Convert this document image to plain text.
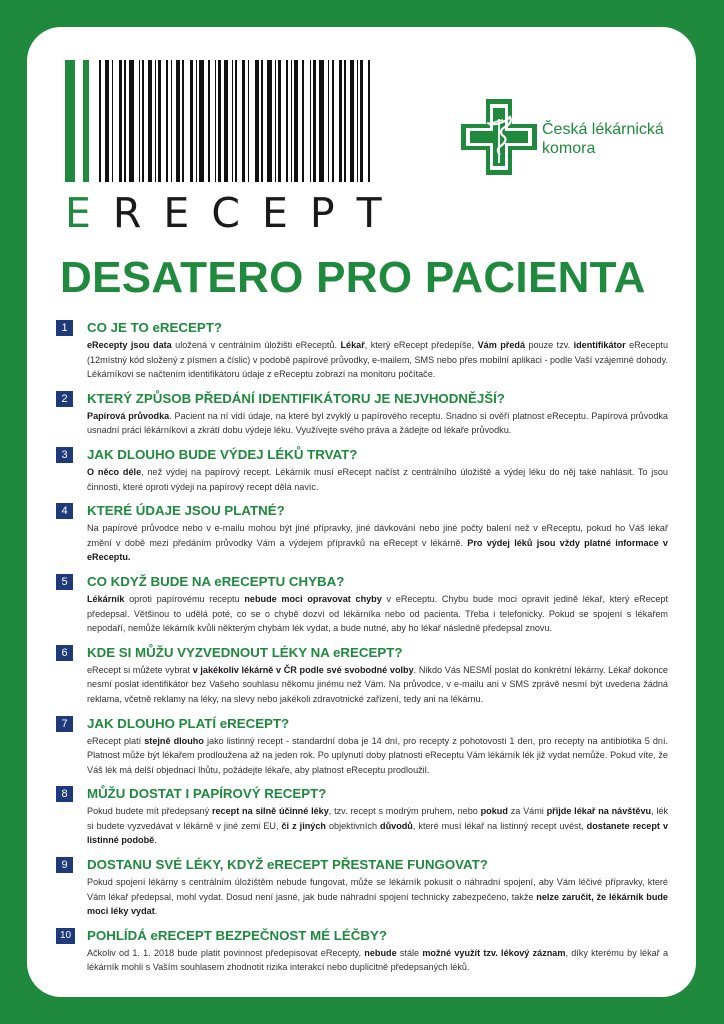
ERECEPT
Česká lékárnická
komora
DESATERO PRO PACIENTA
1	CO JE TO eRECEPT?

eRecepty jsou data uložená v centrálním úložišti eReceptů. Lékař, který eRecept předepíše, Vám předá pouze tzv. identifikátor eReceptu (12místný kód složený z písmen a číslic) v podobě papírové průvodky, e-mailem, SMS nebo přes mobilní aplikaci - podle Vaší vzájemné dohody. Lékárníkovi se načtením identifikátoru údaje z eReceptu zobrazí na monitoru počítače.

2	KTERÝ ZPŮSOB PŘEDÁNÍ IDENTIFIKÁTORU JE NEJVHODNĚJŠÍ?

Papírová průvodka. Pacient na ní vidí údaje, na které byl zvyklý u papírového receptu. Snadno si ověří platnost eReceptu. Papírová průvodka usnadní práci lékárníkovi a zkrátí dobu výdeje léku. Využívejte svého práva a žádejte od lékaře průvodku.

3	JAK DLOUHO BUDE VÝDEJ LÉKŮ TRVAT?

O něco déle, než výdej na papírový recept. Lékárník musí eRecept načíst z centrálního úložiště a výdej léku do něj také nahlásit. To jsou činnosti, které oproti výdeji na papírový recept dělá navíc.

4	KTERÉ ÚDAJE JSOU PLATNÉ?

Na papírové průvodce nebo v e-mailu mohou být jiné přípravky, jiné dávkování nebo jiné počty balení než v eReceptu, pokud ho Váš lékař změní v době mezi předáním průvodky Vám a výdejem přípravků na eRecept v lékárně. Pro výdej léků jsou vždy platné informace v eReceptu.

5	CO KDYŽ BUDE NA eRECEPTU CHYBA?

Lékárník oproti papírovému receptu nebude moci opravovat chyby v eReceptu. Chybu bude moci opravit jedině lékař, který eRecept předepsal. Většinou to udělá poté, co se o chybě dozví od lékárníka nebo od pacienta. Třeba i telefonicky. Pokud se spojení s lékařem nepodaří, nemůže lékárník kvůli některým chybám lék vydat, a bude nutné, aby ho lékař následně předepsal znovu.

6	KDE SI MŮŽU VYZVEDNOUT LÉKY NA eRECEPT?

eRecept si můžete vybrat v jakékoliv lékárně v ČR podle své svobodné volby. Nikdo Vás NESMÍ poslat do konkrétní lékárny. Lékař dokonce nesmí poslat identifikátor bez Vašeho souhlasu někomu jinému než Vám. Na průvodce, v e-mailu ani v SMS zprávě nesmí být uvedena žádná reklama, včetně reklamy na léky, na slevy nebo jakékoli zdravotnické zařízení, tedy ani na lékárnu.

7	JAK DLOUHO PLATÍ eRECEPT?

eRecept platí stejně dlouho jako listinný recept - standardní doba je 14 dní, pro recepty z pohotovosti 1 den, pro recepty na antibiotika 5 dní. Platnost může být lékařem prodloužena až na jeden rok. Po uplynutí doby platnosti eReceptu Vám lékárník lék již vydat nemůže. Pokud víte, že Váš lék má delší objednací lhůtu, požádejte lékaře, aby platnost eReceptu prodloužil.

8	MŮŽU DOSTAT I PAPÍROVÝ RECEPT?

Pokud budete mít předepsaný recept na silně účinné léky, tzv. recept s modrým pruhem, nebo pokud za Vámi přijde lékař na návštěvu, lék si budete vyzvedávat v lékárně v jiné zemi EU, či z jiných objektivních důvodů, které musí lékař na listinný recept uvést, dostanete recept v listinné podobě.

9	DOSTANU SVÉ LÉKY, KDYŽ eRECEPT PŘESTANE FUNGOVAT?

Pokud spojení lékárny s centrálním úložištěm nebude fungovat, může se lékárník pokusit o náhradní spojení, aby Vám léčivé přípravky, které Vám lékař předepsal, mohl vydat. Dosud není jasné, jak bude náhradní spojení technicky zabezpečeno, takže nelze zaručit, že lékárník bude moci léky vydat.

10 POHLÍDÁ eRECEPT BEZPEČNOST MÉ LÉČBY?

Ačkoliv od 1. 1. 2018 bude platit povinnost předepisovat eRecepty, nebude stále možné využít tzv. lékový záznam, díky kterému by lékař a lékárník mohli s Vaším souhlasem zhodnotit rizika interakcí nebo duplicitně předepsaných léků.
